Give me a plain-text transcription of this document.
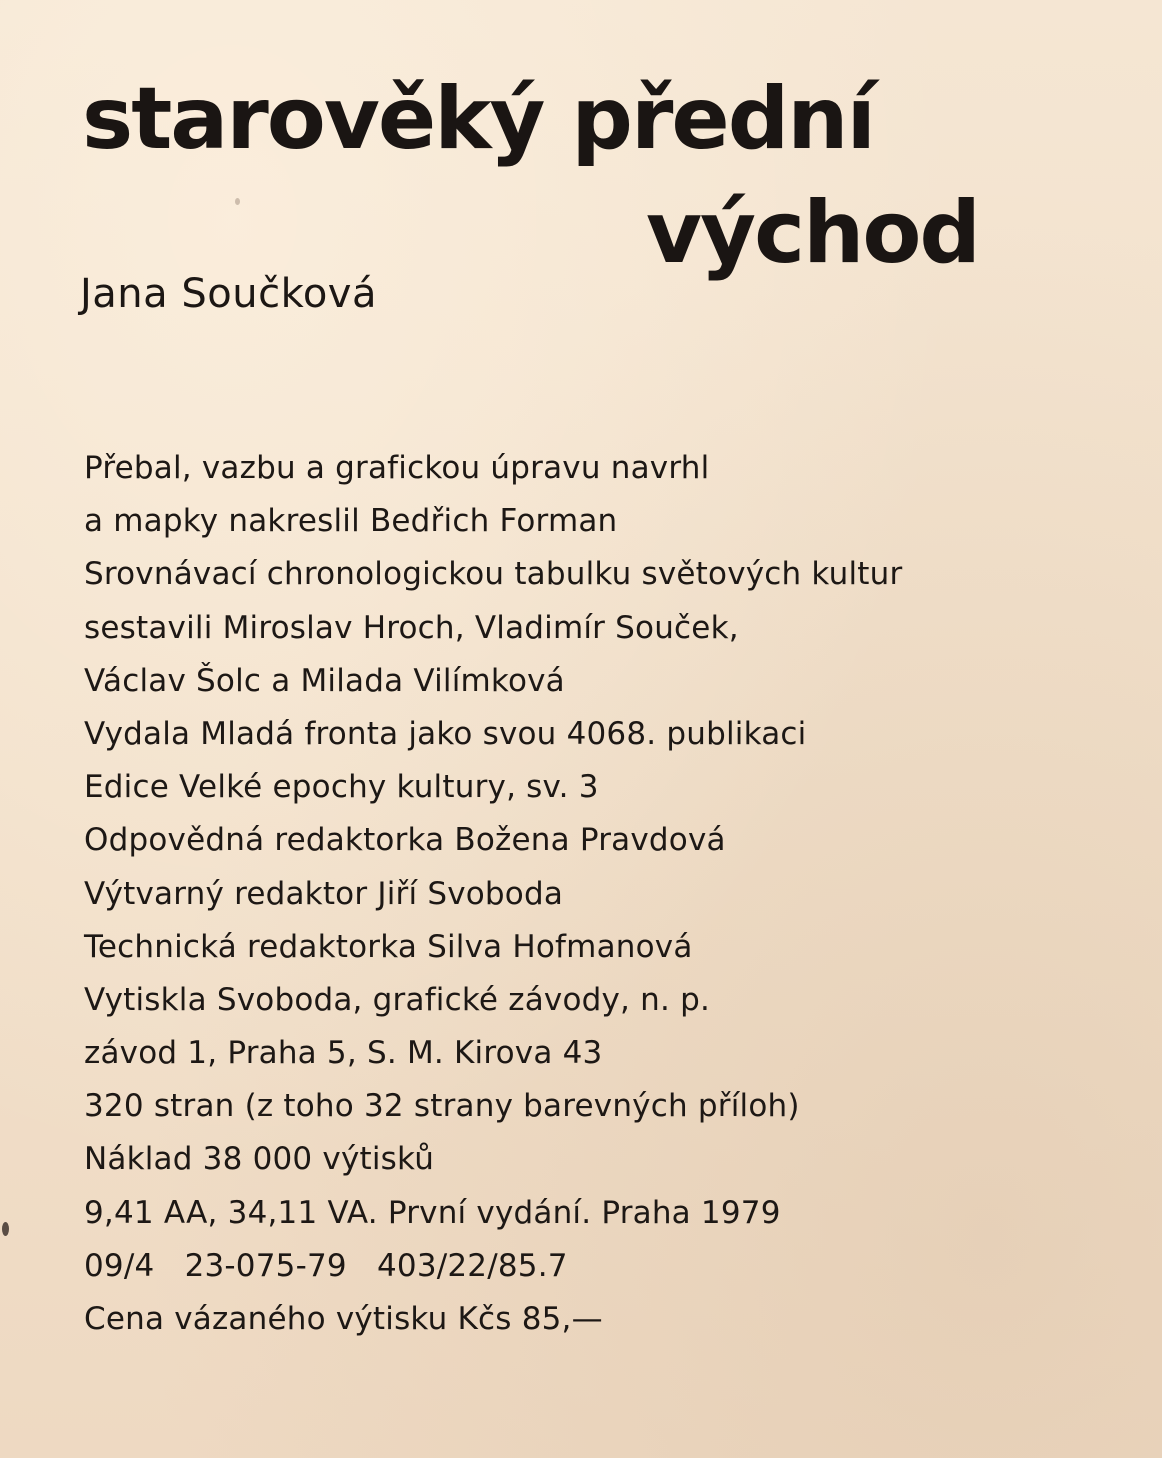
starověký přední
východ
Jana Součková
Přebal, vazbu a grafickou úpravu navrhl
a mapky nakreslil Bedřich Forman
Srovnávací chronologickou tabulku světových kultur
sestavili Miroslav Hroch, Vladimír Souček,
Václav Šolc a Milada Vilímková
Vydala Mladá fronta jako svou 4068. publikaci
Edice Velké epochy kultury, sv. 3
Odpovědná redaktorka Božena Pravdová
Výtvarný redaktor Jiří Svoboda
Technická redaktorka Silva Hofmanová
Vytiskla Svoboda, grafické závody, n. p.
závod 1, Praha 5, S. M. Kirova 43
320 stran (z toho 32 strany barevných příloh)
Náklad 38 000 výtisků
9,41 AA, 34,11 VA. První vydání. Praha 1979
09/4   23-075-79   403/22/85.7
Cena vázaného výtisku Kčs 85,—
